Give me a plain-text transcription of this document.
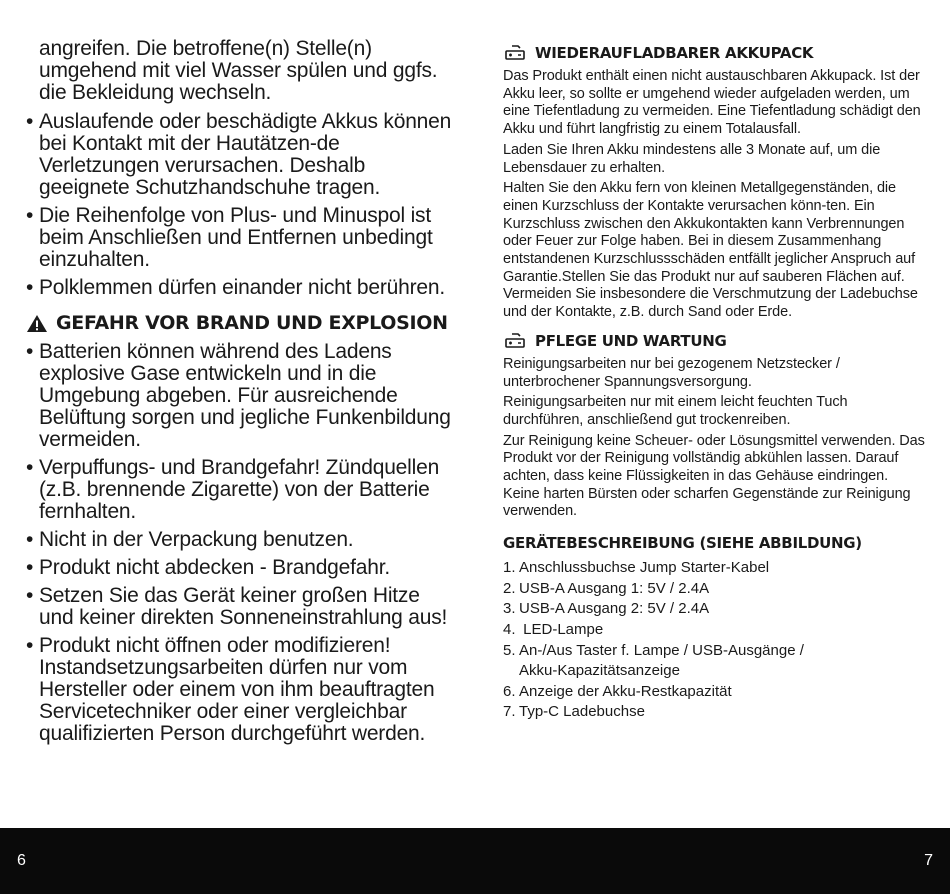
angreifen. Die betroffene(n) Stelle(n) umgehend mit viel Wasser spülen und ggfs. die Bekleidung wechseln.

• Auslaufende oder beschädigte Akkus können bei Kontakt mit der Hautätzen-de Verletzungen verursachen. Deshalb geeignete Schutzhandschuhe tragen.
• Die Reihenfolge von Plus- und Minuspol ist beim Anschließen und Entfernen unbedingt einzuhalten.
• Polklemmen dürfen einander nicht berühren.
GEFAHR VOR BRAND UND EXPLOSION
• Batterien können während des Ladens explosive Gase entwickeln und in die Umgebung abgeben. Für ausreichende Belüftung sorgen und jegliche Funkenbildung vermeiden.
• Verpuffungs- und Brandgefahr! Zündquellen (z.B. brennende Zigarette) von der Batterie fernhalten.
• Nicht in der Verpackung benutzen.
• Produkt nicht abdecken - Brandgefahr.
• Setzen Sie das Gerät keiner großen Hitze und keiner direkten Sonneneinstrahlung aus!
• Produkt nicht öffnen oder modifizieren! Instandsetzungsarbeiten dürfen nur vom Hersteller oder einem von ihm beauftragten Servicetechniker oder einer vergleichbar qualifizierten Person durchgeführt werden.
WIEDERAUFLADBARER AKKUPACK

Das Produkt enthält einen nicht austauschbaren Akkupack. Ist der Akku leer, so sollte er umgehend wieder aufgeladen werden, um eine Tiefentladung zu vermeiden. Eine Tiefentladung schädigt den Akku und führt langfristig zu einem Totalausfall.

Laden Sie Ihren Akku mindestens alle 3 Monate auf, um die Lebensdauer zu erhalten.

Halten Sie den Akku fern von kleinen Metallgegenständen, die einen Kurzschluss der Kontakte verursachen könn-ten. Ein Kurzschluss zwischen den Akkukontakten kann Verbrennungen oder Feuer zur Folge haben. Bei in diesem Zusammenhang entstandenen Kurzschlussschäden entfällt jeglicher Anspruch auf Garantie.Stellen Sie das Produkt nur auf sauberen Flächen auf. Vermeiden Sie insbesondere die Verschmutzung der Ladebuchse und der Kontakte, z.B. durch Sand oder Erde.

PFLEGE UND WARTUNG

Reinigungsarbeiten nur bei gezogenem Netzstecker / unterbrochener Spannungsversorgung.

Reinigungsarbeiten nur mit einem leicht feuchten Tuch durchführen, anschließend gut trockenreiben.

Zur Reinigung keine Scheuer- oder Lösungsmittel verwenden. Das Produkt vor der Reinigung vollständig abkühlen lassen. Darauf achten, dass keine Flüssigkeiten in das Gehäuse eindringen. Keine harten Bürsten oder scharfen Gegenstände zur Reinigung verwenden.

GERÄTEBESCHREIBUNG (SIEHE ABBILDUNG)
1. Anschlussbuchse Jump Starter-Kabel
2. USB-A Ausgang 1: 5V / 2.4A
3. USB-A Ausgang 2: 5V / 2.4A
4. LED-Lampe
5. An-/Aus Taster f. Lampe / USB-Ausgänge / Akku-Kapazitätsanzeige
6. Anzeige der Akku-Restkapazität
7. Typ-C Ladebuchse
6	7
